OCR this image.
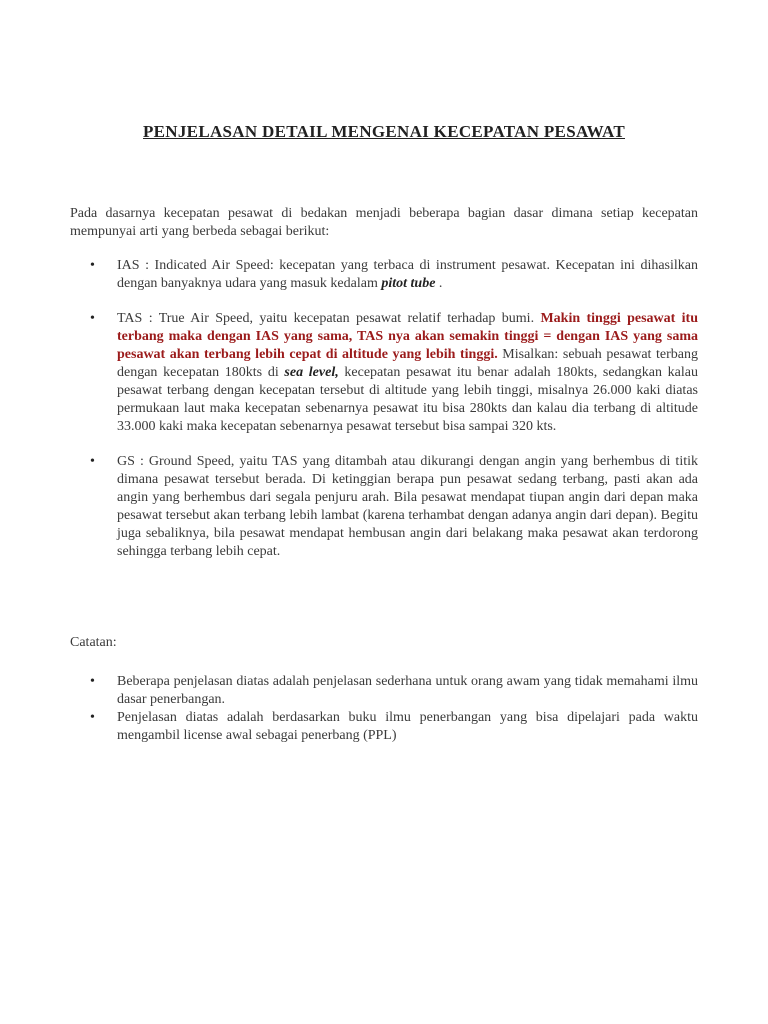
PENJELASAN DETAIL MENGENAI KECEPATAN PESAWAT

Pada dasarnya kecepatan pesawat di bedakan menjadi beberapa bagian dasar dimana setiap kecepatan mempunyai arti yang berbeda sebagai berikut:

• IAS : Indicated Air Speed: kecepatan yang terbaca di instrument pesawat. Kecepatan ini dihasilkan dengan banyaknya udara yang masuk kedalam pitot tube .
• TAS : True Air Speed, yaitu kecepatan pesawat relatif terhadap bumi. Makin tinggi pesawat itu terbang maka dengan IAS yang sama, TAS nya akan semakin tinggi = dengan IAS yang sama pesawat akan terbang lebih cepat di altitude yang lebih tinggi. Misalkan: sebuah pesawat terbang dengan kecepatan 180kts di sea level, kecepatan pesawat itu benar adalah 180kts, sedangkan kalau pesawat terbang dengan kecepatan tersebut di altitude yang lebih tinggi, misalnya 26.000 kaki diatas permukaan laut maka kecepatan sebenarnya pesawat itu bisa 280kts dan kalau dia terbang di altitude 33.000 kaki maka kecepatan sebenarnya pesawat tersebut bisa sampai 320 kts.
• GS : Ground Speed, yaitu TAS yang ditambah atau dikurangi dengan angin yang berhembus di titik dimana pesawat tersebut berada. Di ketinggian berapa pun pesawat sedang terbang, pasti akan ada angin yang berhembus dari segala penjuru arah. Bila pesawat mendapat tiupan angin dari depan maka pesawat tersebut akan terbang lebih lambat (karena terhambat dengan adanya angin dari depan). Begitu juga sebaliknya, bila pesawat mendapat hembusan angin dari belakang maka pesawat akan terdorong sehingga terbang lebih cepat.
Catatan:
• Beberapa penjelasan diatas adalah penjelasan sederhana untuk orang awam yang tidak memahami ilmu dasar penerbangan.
• Penjelasan diatas adalah berdasarkan buku ilmu penerbangan yang bisa dipelajari pada waktu mengambil license awal sebagai penerbang (PPL)
